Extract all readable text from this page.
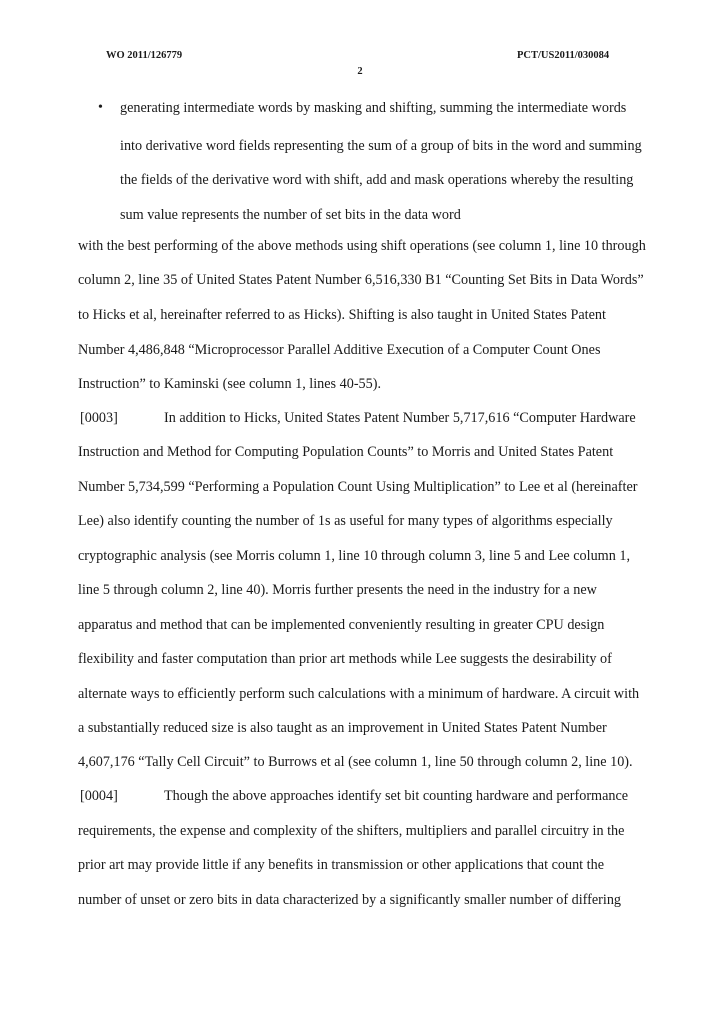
WO 2011/126779	PCT/US2011/030084
2
• generating intermediate words by masking and shifting, summing the intermediate words
into derivative word fields representing the sum of a group of bits in the word and summing
the fields of the derivative word with shift, add and mask operations whereby the resulting
sum value represents the number of set bits in the data word
with the best performing of the above methods using shift operations (see column 1, line 10 through
column 2, line 35 of United States Patent Number 6,516,330 B1 “Counting Set Bits in Data Words”
to Hicks et al, hereinafter referred to as Hicks). Shifting is also taught in United States Patent
Number 4,486,848 “Microprocessor Parallel Additive Execution of a Computer Count Ones
Instruction” to Kaminski (see column 1, lines 40-55).
[0003]	In addition to Hicks, United States Patent Number 5,717,616 “Computer Hardware
Instruction and Method for Computing Population Counts” to Morris and United States Patent
Number 5,734,599 “Performing a Population Count Using Multiplication” to Lee et al (hereinafter
Lee) also identify counting the number of 1s as useful for many types of algorithms especially
cryptographic analysis (see Morris column 1, line 10 through column 3, line 5 and Lee column 1,
line 5 through column 2, line 40). Morris further presents the need in the industry for a new
apparatus and method that can be implemented conveniently resulting in greater CPU design
flexibility and faster computation than prior art methods while Lee suggests the desirability of
alternate ways to efficiently perform such calculations with a minimum of hardware. A circuit with
a substantially reduced size is also taught as an improvement in United States Patent Number
4,607,176 “Tally Cell Circuit” to Burrows et al (see column 1, line 50 through column 2, line 10).
[0004]	Though the above approaches identify set bit counting hardware and performance
requirements, the expense and complexity of the shifters, multipliers and parallel circuitry in the
prior art may provide little if any benefits in transmission or other applications that count the
number of unset or zero bits in data characterized by a significantly smaller number of differing
